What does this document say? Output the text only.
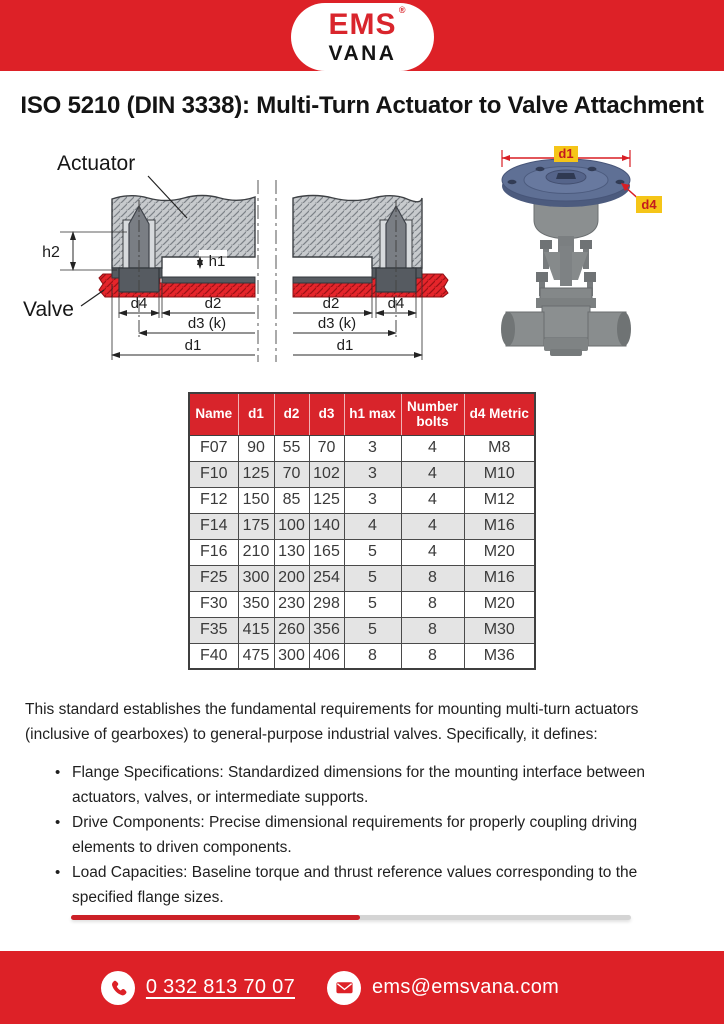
EMS ®
VANA
ISO 5210 (DIN 3338): Multi-Turn Actuator to Valve Attachment
h2
h1
d4	d2	d2	d4
d3 (k)	d3 (k)
d1	d1
Actuator
Valve
d1
d4
Name	d1	d2	d3	h1 max	Number bolts	d4 Metric
F07	90	55	70	3	4	M8
F10	125	70	102	3	4	M10
F12	150	85	125	3	4	M12
F14	175	100	140	4	4	M16
F16	210	130	165	5	4	M20
F25	300	200	254	5	8	M16
F30	350	230	298	5	8	M20
F35	415	260	356	5	8	M30
F40	475	300	406	8	8	M36

This standard establishes the fundamental requirements for mounting multi-turn actuators (inclusive of gearboxes) to general-purpose industrial valves. Specifically, it defines:

• Flange Specifications: Standardized dimensions for the mounting interface between actuators, valves, or intermediate supports.
• Drive Components: Precise dimensional requirements for properly coupling driving elements to driven components.
• Load Capacities: Baseline torque and thrust reference values corresponding to the specified flange sizes.
0 332 813 70 07	ems@emsvana.com
